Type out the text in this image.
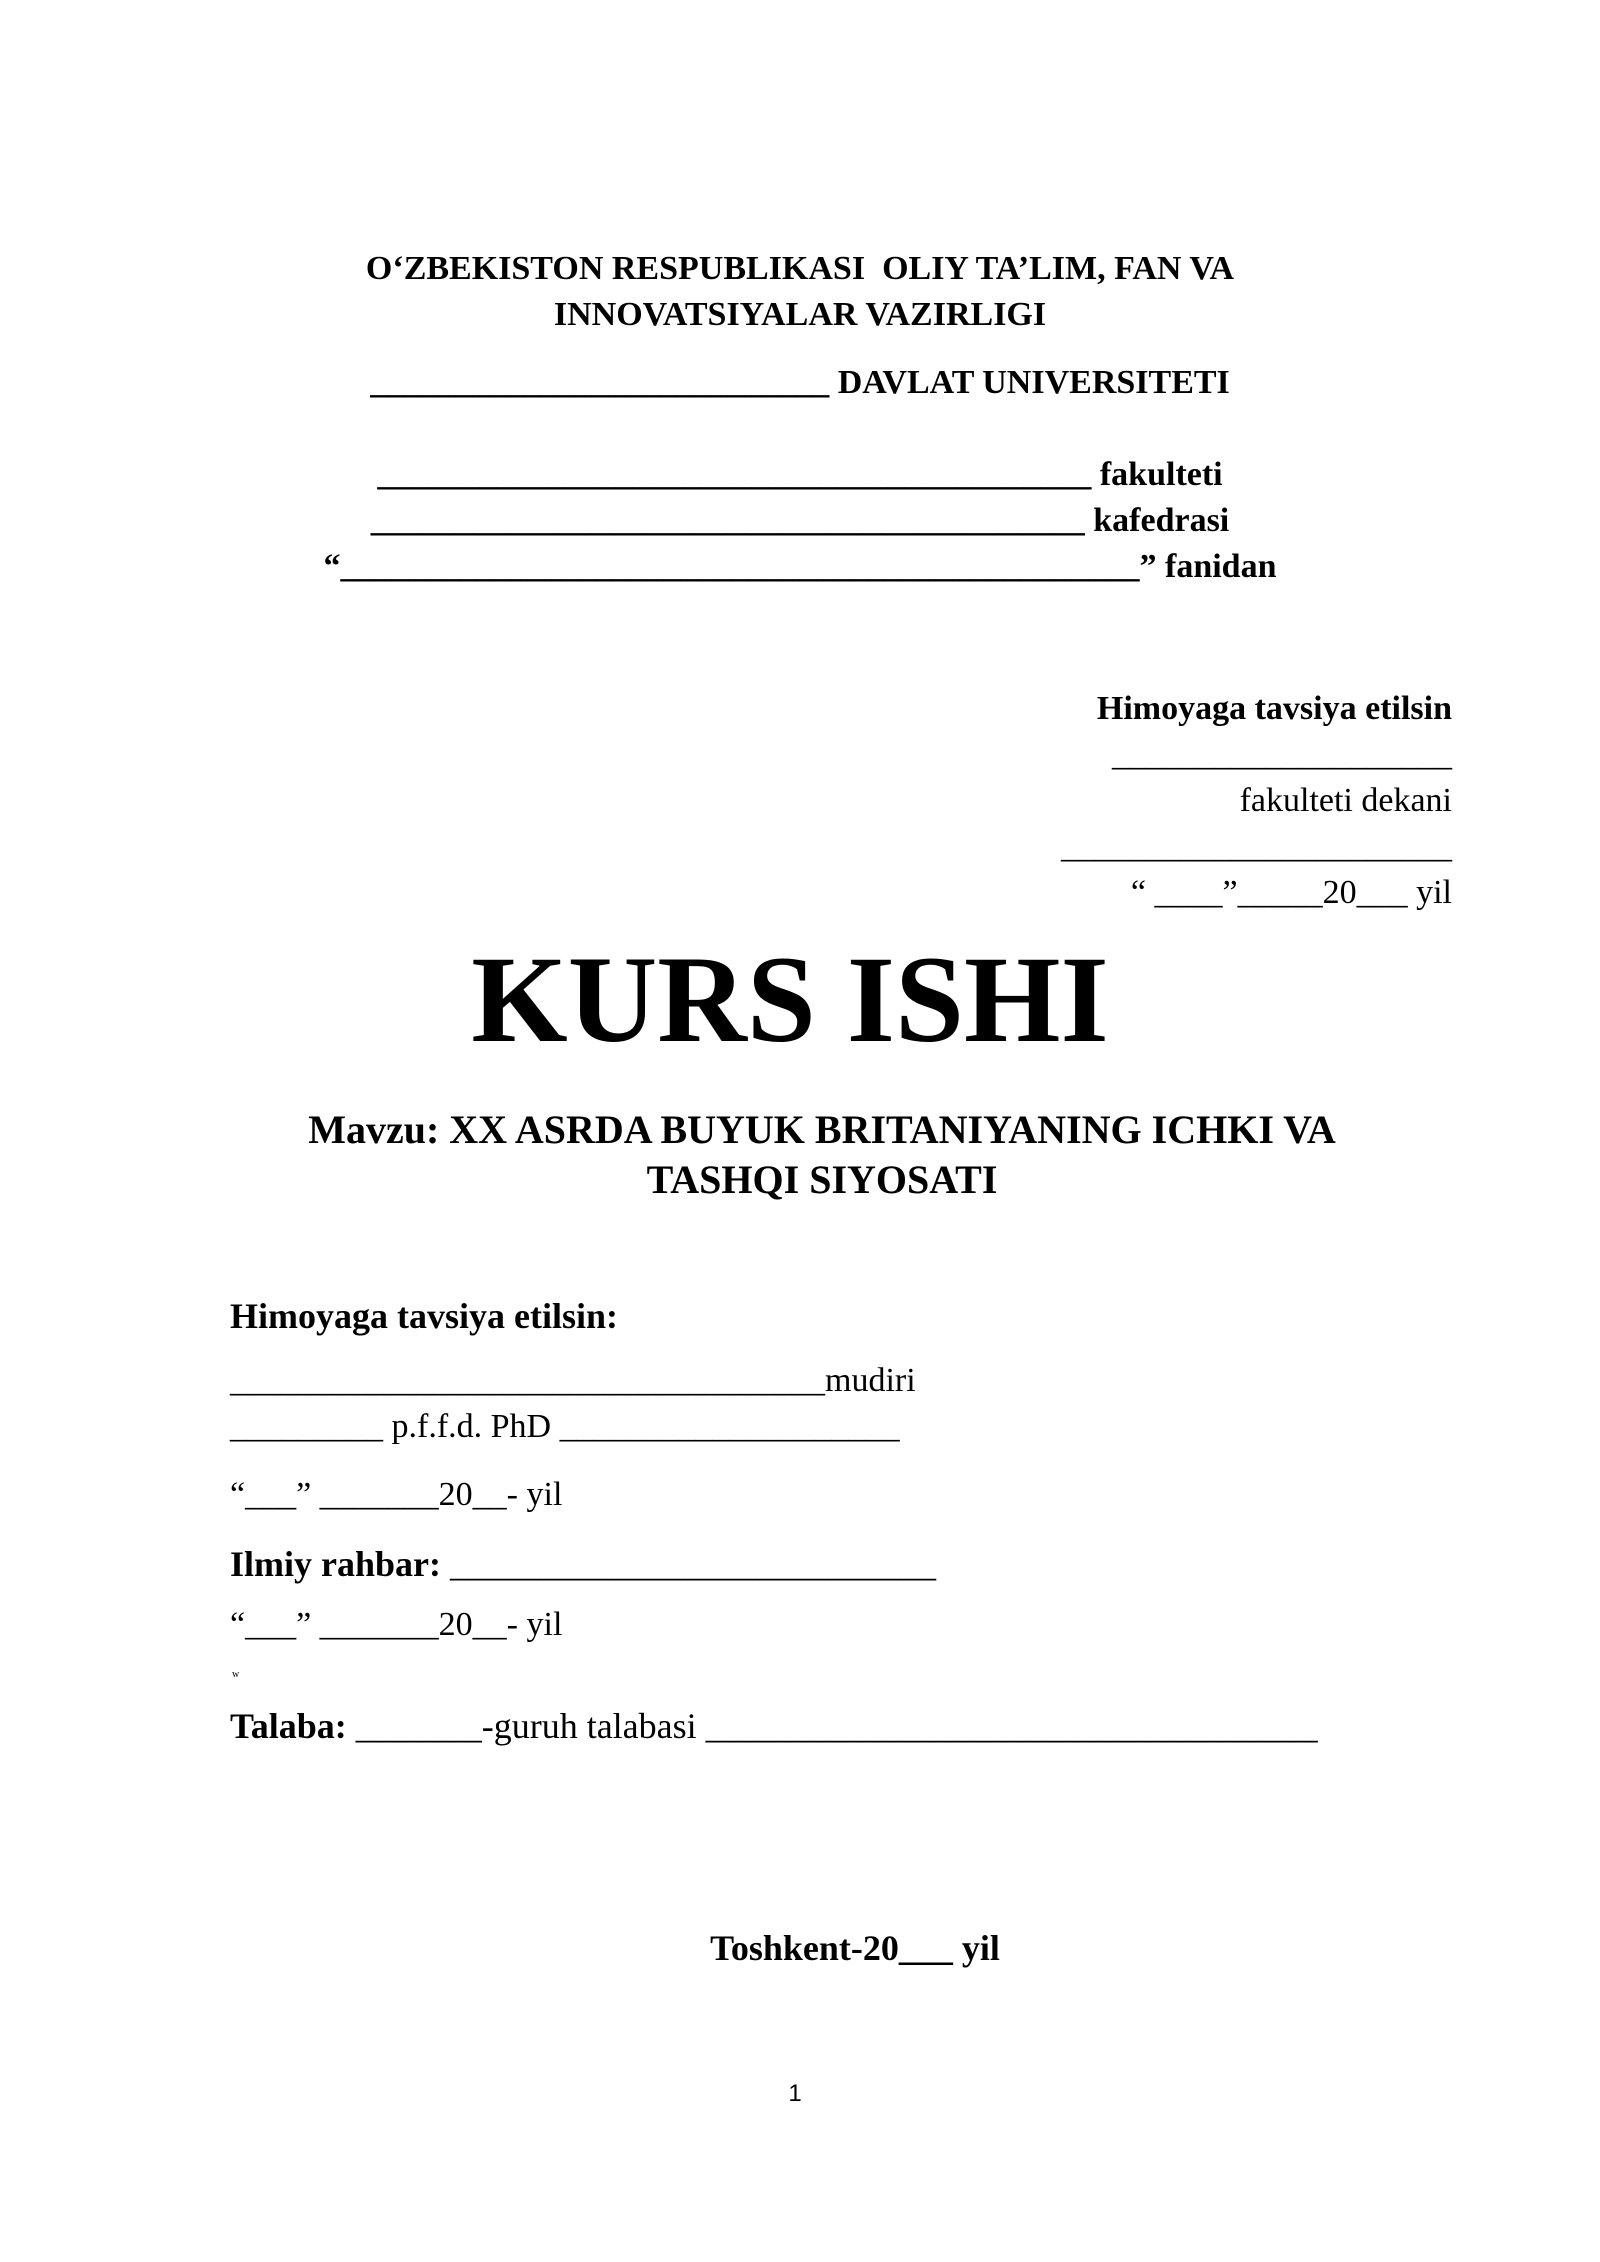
O‘ZBEKISTON RESPUBLIKASI  OLIY TA’LIM, FAN VA
INNOVATSIYALAR VAZIRLIGI
___________________________ DAVLAT UNIVERSITETI
__________________________________________ fakulteti
__________________________________________ kafedrasi
“_______________________________________________” fanidan
Himoyaga tavsiya etilsin
____________________
fakulteti dekani
_______________________
“ ____”_____20___ yil
KURS ISHI
Mavzu: XX ASRDA BUYUK BRITANIYANING ICHKI VA
TASHQI SIYOSATI
Himoyaga tavsiya etilsin:
___________________________________mudiri
_________ p.f.f.d. PhD ____________________
“___” _______20__- yil
Ilmiy rahbar: ___________________________
“___” _______20__- yil
w
Talaba: _______-guruh talabasi __________________________________
Toshkent-20___ yil
1
